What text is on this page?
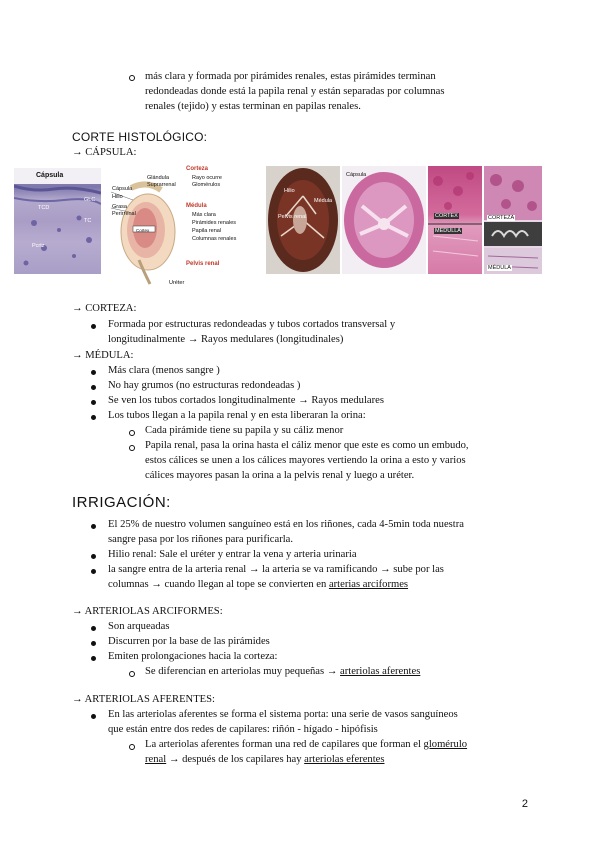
más clara y formada por pirámides renales, estas pirámides terminan
redondeadas donde está la papila renal y están separadas por columnas
renales (tejido) y estas terminan en papilas renales.
CORTE HISTOLÓGICO:
→ CÁPSULA:
Cápsula
TCD
GLC
TC
Pcrtz
Glándula
Suprarrenal
Cápsula
Hilio
Grasa
Perirrenal
Cortex
Corteza
Rayo ocurre
Glomérulos
Médula
Más clara
Pirámides renales
Papila renal
Columnas renales
Pelvis renal
Uréter
Hilio
Pelvis renal
Médula
Cápsula
CORTEX
MEDULLA
CORTEZA
MÉDULA
→ CORTEZA:
Formada por estructuras redondeadas y tubos cortados transversal y
longitudinalmente → Rayos medulares (longitudinales)
→ MÉDULA:
Más clara (menos sangre )
No hay grumos (no estructuras redondeadas )
Se ven los tubos cortados longitudinalmente → Rayos medulares
Los tubos llegan a la papila renal y en esta liberaran la orina:
Cada pirámide tiene su papila y su cáliz menor
Papila renal, pasa la orina hasta el cáliz menor que este es como un embudo,
estos cálices se unen a los cálices mayores vertiendo la orina a esto y varios
cálices mayores pasan la orina a la pelvis renal y luego a uréter.
IRRIGACIÓN:
El 25% de nuestro volumen sanguíneo está en los riñones, cada 4-5min toda nuestra
sangre pasa por los riñones para purificarla.
Hilio renal: Sale el uréter y entrar la vena y arteria urinaria
la sangre entra de la arteria renal → la arteria se va ramificando → sube por las
columnas → cuando llegan al tope se convierten en arterias arciformes
→ ARTERIOLAS ARCIFORMES:
Son arqueadas
Discurren por la base de las pirámides
Emiten prolongaciones hacia la corteza:
Se diferencian en arteriolas muy pequeñas → arteriolas aferentes
→ ARTERIOLAS AFERENTES:
En las arteriolas aferentes se forma el sistema porta: una serie de vasos sanguíneos
que están entre dos redes de capilares: riñón - hígado - hipófisis
La arteriolas aferentes forman una red de capilares que forman el glomérulo
renal → después de los capilares hay arteriolas eferentes
2
